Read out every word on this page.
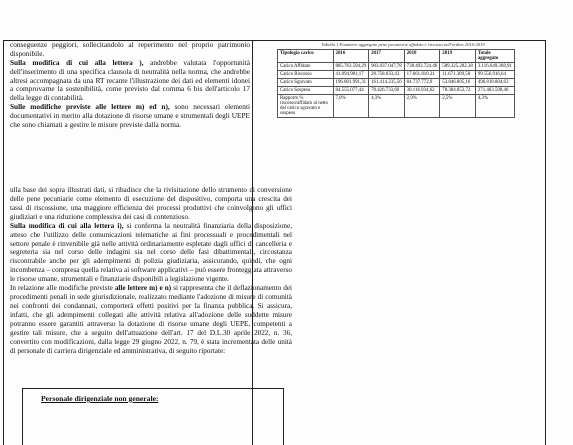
conseguenze peggiori, sollecitandolo al reperimento nel proprio patrimonio disponibile.

Sulla modifica di cui alla lettera ), andrebbe valutata l'opportunità dell'inserimento di una specifica clausola di neutralità nella norma, che andrebbe altresì accompagnata da una RT recante l'illustrazione dei dati ed elementi idonei a comprovarne la sostenibilità, come previsto dal comma 6 bis dell'articolo 17 della legge di contabilità.

Sulle modifiche previste alle lettere m) ed n), sono necessari elementi documentativi in merito alla dotazione di risorse umane e strumentali degli UEPE che sono chiamati a gestire le misure previste dalla norma.

Tabella 1 Fonmiero aggregato pene pecuniarie affidato e riscosso nell'ordine 2016-2019
Tipologia carico	2016	2017	2018	2019	Totale aggregato
Carico Affidato	885.763.594,29	903.037.047,78	738.493.724.46	589.325.282.38	3.116.649.368,91
Carico Riscosso	41.094.981,17	28.758.633,43	17.661.810.21	11.671.309,58	99.556.916,64
Carico Sgravato	196.801.991,31	161.414.235,56	84.737.772,9	53.846.805,16	496.818.804,63
Carico Sospeso	84.555.077,44	78.426.733,60	30.116.934,62	78.384.852,72	271.483.598,46
Rapporto % riscosso/affidato al netto del carico sgravato e sospeso	7,0%	4,3%	2,9%	2,5%	4,3%

ulla base dei sopra illustrati dati, si ribadisce che la rivisitazione dello strumento di conversione delle pene pecuniarie come elemento di esecuzione del dispositivo, comporta una crescita dei tassi di riscossione, una maggiore efficienza dei processi produttivi che coinvolgono gli uffici giudiziari e una riduzione complessiva dei casi di contenzioso.

Sulla modifica di cui alla lettera i), si conferma la neutralità finanziaria della disposizione, atteso che l'utilizzo delle comunicazioni telematiche ai fini processuali e procedimentali nel settore penale è rinvenibile già nelle attività ordinariamente espletate dagli uffici di cancelleria e segreteria sia nel corso delle indagini sia nel corso delle fasi dibattimentali, circostanza riscontrabile anche per gli adempimenti di polizia giudiziaria, assicurando, quindi, che ogni incombenza – compresa quella relativa ai software applicativi – può essere fronteggiata attraverso le risorse umane, strumentali e finanziarie disponibili a legislazione vigente.

In relazione alle modifiche previste alle lettere m) e n) si rappresenta che il deflazionamento dei procedimenti penali in sede giurisdizionale, realizzato mediante l'adozione di misure di comunità nei confronti dei condannati, comporterà effetti positivi per la finanza pubblica. Si assicura, infatti, che gli adempimenti collegati alle attività relativa all'adozione delle suddette misure potranno essere garantiti attraverso la dotazione di risorse umane degli UEPE, competenti a gestire tali misure, che a seguito dell'attuazione dell'art. 17 del D.L.30 aprile 2022, n. 36, convertito con modificazioni, dalla legge 29 giugno 2022, n. 79, è stata incrementata delle unità di personale di carriera dirigenziale ed amministrativa, di seguito riportate:

Personale dirigenziale non generale:
